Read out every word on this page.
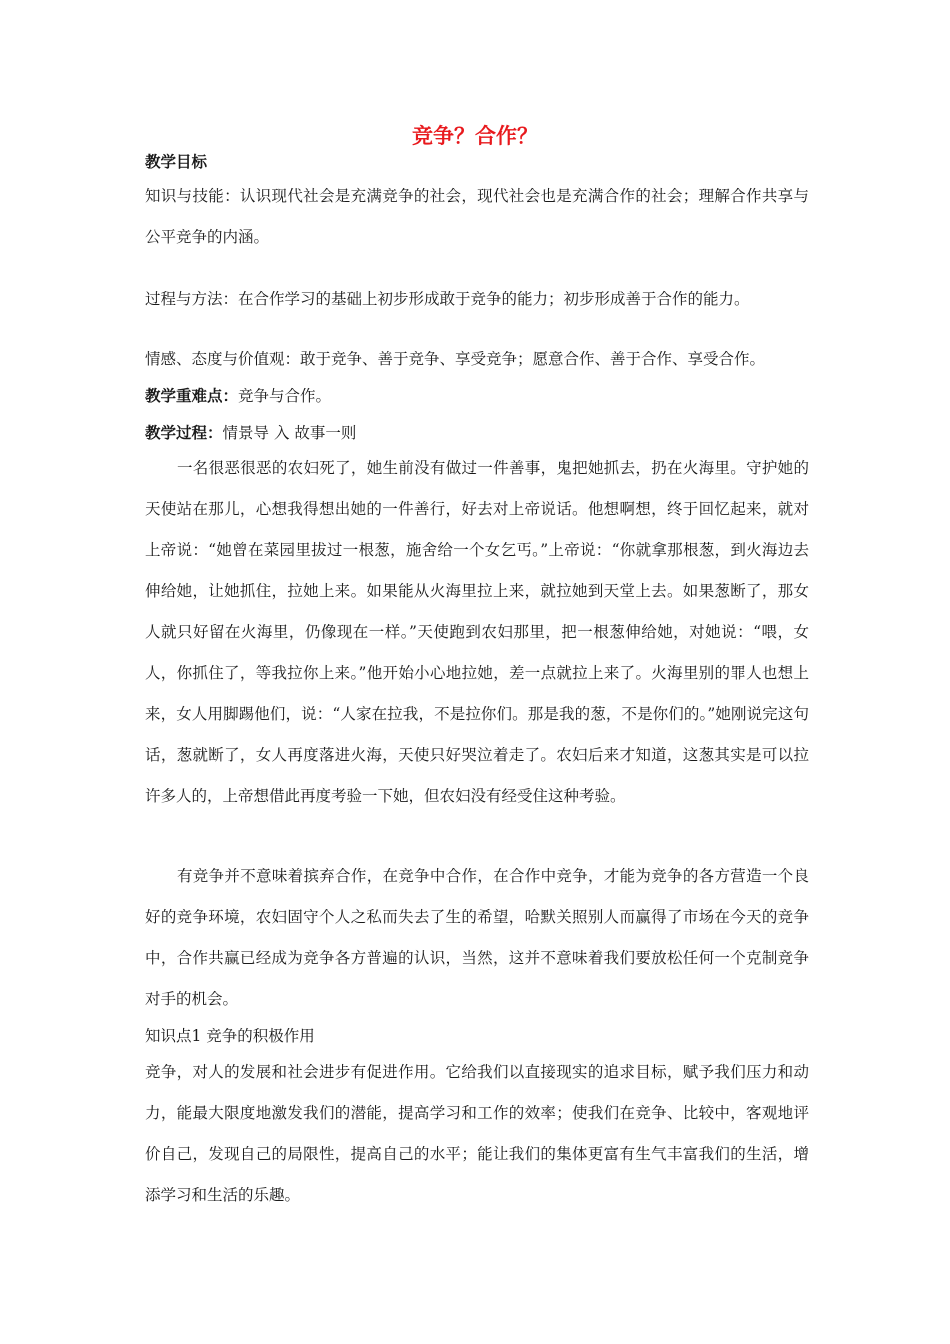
竞争？合作？
教学目标

知识与技能：认识现代社会是充满竞争的社会，现代社会也是充满合作的社会；理解合作共享与公平竞争的内涵。

过程与方法：在合作学习的基础上初步形成敢于竞争的能力；初步形成善于合作的能力。

情感、态度与价值观：敢于竞争、善于竞争、享受竞争；愿意合作、善于合作、享受合作。

教学重难点：竞争与合作。
教学过程：情景导 入 故事一则

一名很恶很恶的农妇死了，她生前没有做过一件善事，鬼把她抓去，扔在火海里。守护她的天使站在那儿，心想我得想出她的一件善行，好去对上帝说话。他想啊想，终于回忆起来，就对上帝说：“她曾在菜园里拔过一根葱，施舍给一个女乞丐。”上帝说：“你就拿那根葱，到火海边去伸给她，让她抓住，拉她上来。如果能从火海里拉上来，就拉她到天堂上去。如果葱断了，那女人就只好留在火海里，仍像现在一样。”天使跑到农妇那里，把一根葱伸给她，对她说：“喂，女人，你抓住了，等我拉你上来。”他开始小心地拉她，差一点就拉上来了。火海里别的罪人也想上来，女人用脚踢他们，说：“人家在拉我，不是拉你们。那是我的葱，不是你们的。”她刚说完这句话，葱就断了，女人再度落进火海，天使只好哭泣着走了。农妇后来才知道，这葱其实是可以拉许多人的，上帝想借此再度考验一下她，但农妇没有经受住这种考验。

有竞争并不意味着摈弃合作，在竞争中合作，在合作中竞争，才能为竞争的各方营造一个良好的竞争环境，农妇固守个人之私而失去了生的希望，哈默关照别人而赢得了市场在今天的竞争中，合作共赢已经成为竞争各方普遍的认识，当然，这并不意味着我们要放松任何一个克制竞争对手的机会。

知识点1 竞争的积极作用

竞争，对人的发展和社会进步有促进作用。它给我们以直接现实的追求目标，赋予我们压力和动力，能最大限度地激发我们的潜能，提高学习和工作的效率；使我们在竞争、比较中，客观地评价自己，发现自己的局限性，提高自己的水平；能让我们的集体更富有生气丰富我们的生活，增添学习和生活的乐趣。
